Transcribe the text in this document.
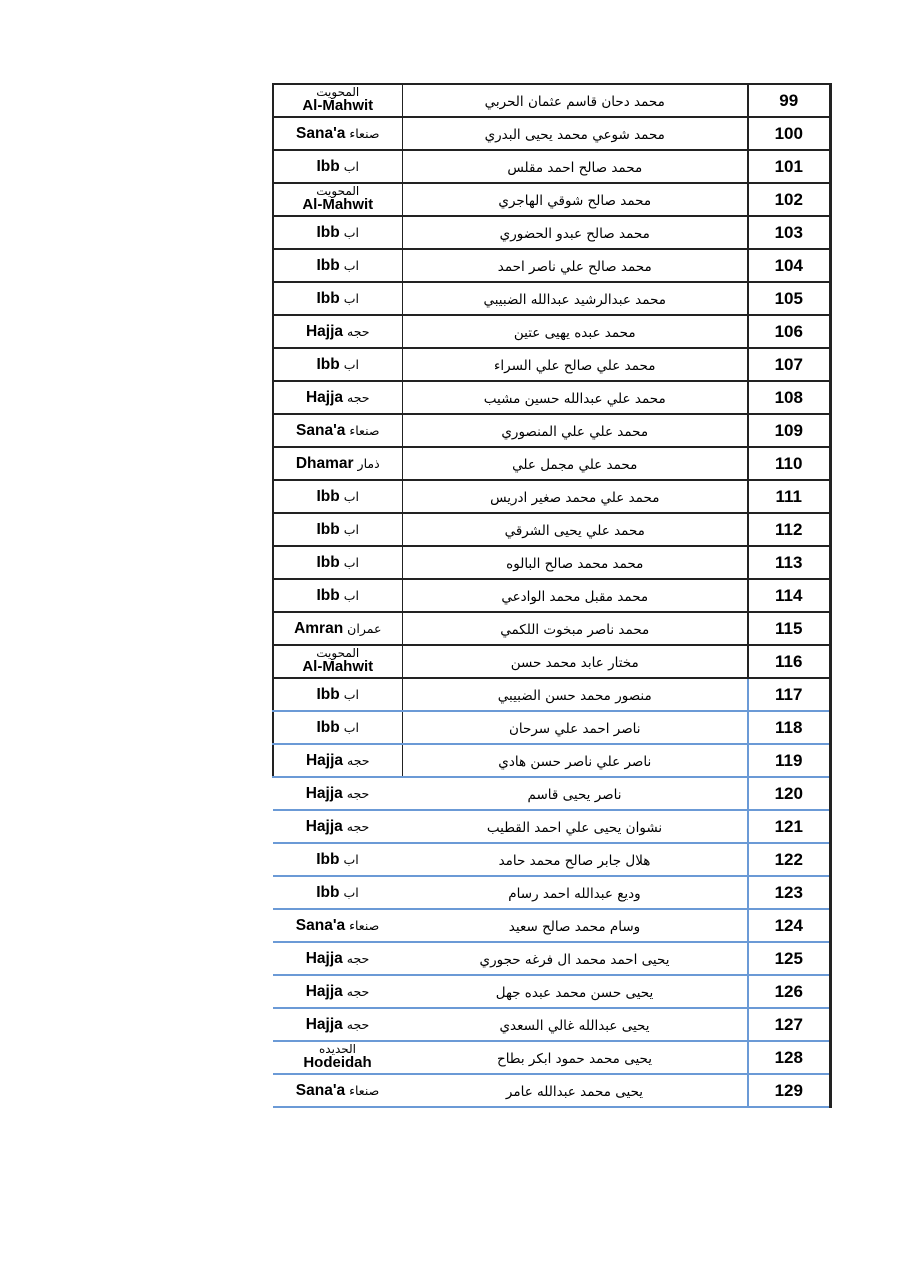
المحويت
Al-Mahwit	محمد دحان قاسم عثمان الحربي	99

Sana'a صنعاء	محمد شوعي محمد يحيى البدري	100

Ibb اب	محمد صالح احمد مقلس	101

المحويت
Al-Mahwit	محمد صالح شوقي الهاجري	102

Ibb اب	محمد صالح عبدو الحضوري	103

Ibb اب	محمد صالح علي ناصر احمد	104

Ibb اب	محمد عبدالرشيد عبدالله الضبيبي	105

Hajja حجه	محمد عبده يهيى عتين	106

Ibb اب	محمد علي صالح علي السراء	107

Hajja حجه	محمد علي عبدالله حسين مشيب	108

Sana'a صنعاء	محمد علي علي المنصوري	109

Dhamar ذمار	محمد علي مجمل علي	110

Ibb اب	محمد علي محمد صغير ادريس	111

Ibb اب	محمد علي يحيى الشرقي	112

Ibb اب	محمد محمد صالح البالوه	113

Ibb اب	محمد مقبل محمد الوادعي	114

Amran عمران	محمد ناصر مبخوت اللكمي	115

المحويت
Al-Mahwit	مختار عابد محمد حسن	116

Ibb اب	منصور محمد حسن الضبيبي	117

Ibb اب	ناصر احمد علي سرحان	118

Hajja حجه	ناصر علي ناصر حسن هادي	119

Hajja حجه	ناصر يحيى قاسم	120

Hajja حجه	نشوان يحيى علي احمد القطيب	121

Ibb اب	هلال جابر صالح محمد حامد	122

Ibb اب	وديع عبدالله احمد رسام	123

Sana'a صنعاء	وسام محمد صالح سعيد	124

Hajja حجه	يحيى احمد محمد ال فرغه حجوري	125

Hajja حجه	يحيى حسن محمد عبده جهل	126

Hajja حجه	يحيى عبدالله غالي السعدي	127

الحديده
Hodeidah	يحيى محمد حمود ابكر بطاح	128

Sana'a صنعاء	يحيى محمد عبدالله عامر	129
